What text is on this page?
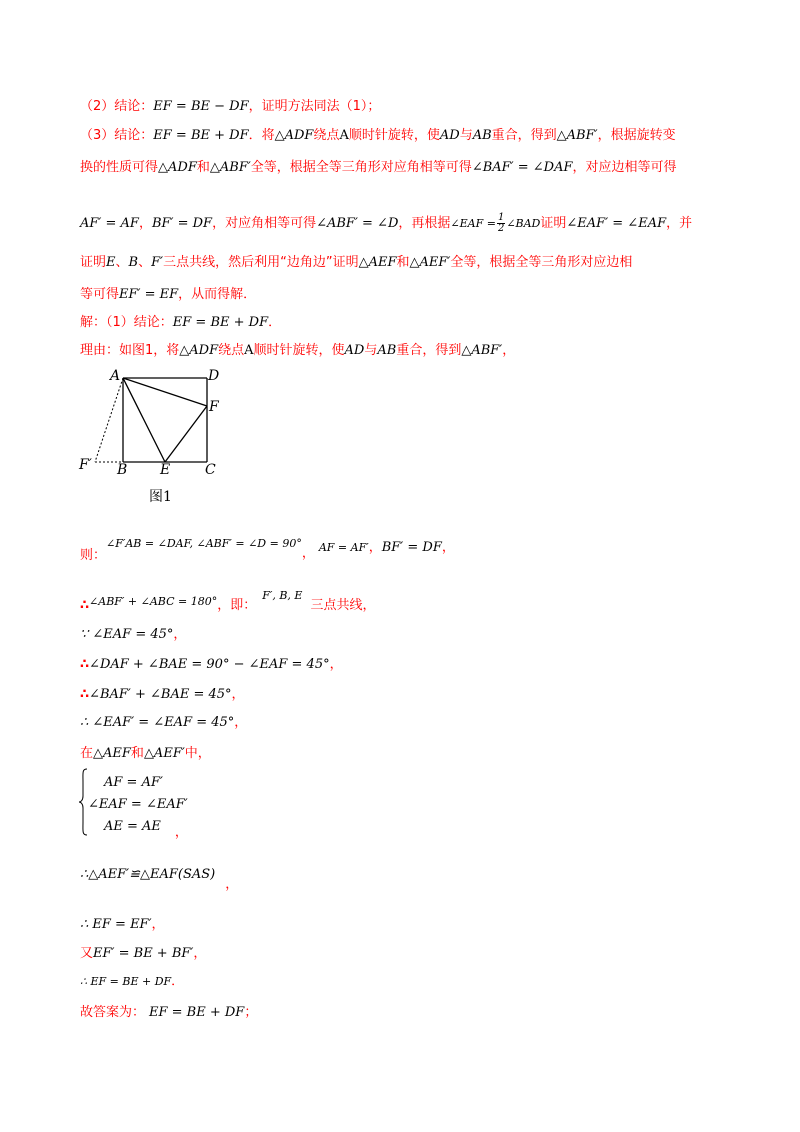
（2）结论：EF = BE − DF，证明方法同法（1）；
（3）结论：EF = BE + DF．将△ADF绕点A顺时针旋转，使AD与AB重合，得到△ABF′，根据旋转变
换的性质可得△ADF和△ABF′全等，根据全等三角形对应角相等可得∠BAF′ = ∠DAF，对应边相等可得
AF′ = AF，BF′ = DF，对应角相等可得∠ABF′ = ∠D，再根据∠EAF = $\frac{1}{2}$ ∠BAD证明∠EAF′ = ∠EAF，并
证明E、B、F′三点共线，然后利用“边角边”证明△AEF和△AEF′全等，根据全等三角形对应边相
等可得EF′ = EF，从而得解．
解：（1）结论：EF = BE + DF．
理由：如图1，将△ADF绕点A顺时针旋转，使AD与AB重合，得到△ABF′，
A	D
F
F′ B E C
图1
则：$^{\angle F'AB = \angle DAF, \angle ABF' = \angle D = 90^\circ}$， AF = AF′，BF′ = DF，
∴$^{\angle ABF' + \angle ABC = 180^\circ}$，即：$^{F', B, E}$三点共线，
∵ ∠EAF = 45°，
∴∠DAF + ∠BAE = 90° − ∠EAF = 45°，
∴∠BAF′ + ∠BAE = 45°，
∴ ∠EAF′ = ∠EAF = 45°，
在△AEF和△AEF′中，
AF = AF′
∠EAF = ∠EAF′
AE = AE ，
∴△AEF′≌△EAF(SAS)，
∴ EF = EF′，
又EF′ = BE + BF′，
∴ EF = BE + DF．
故答案为： EF = BE + DF；
